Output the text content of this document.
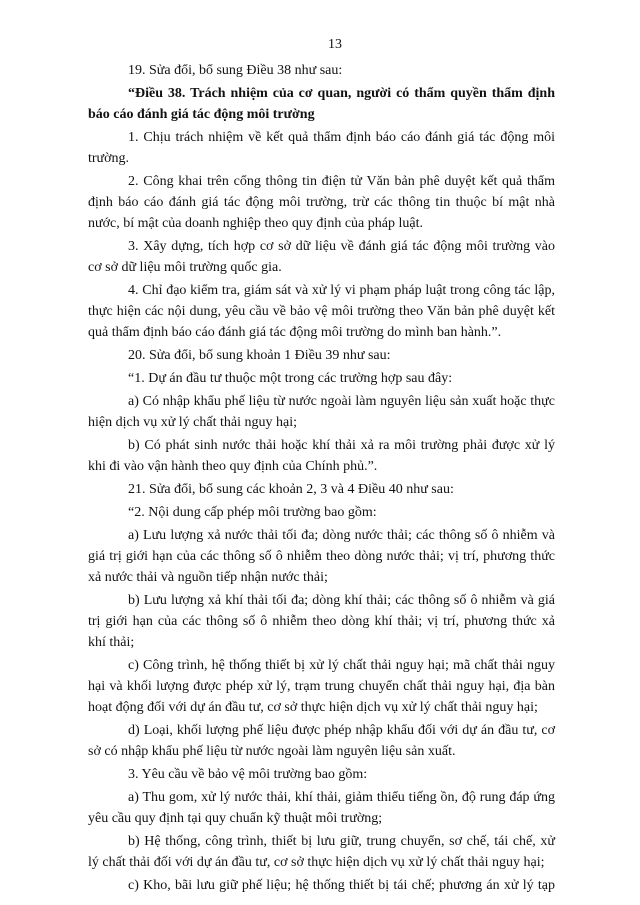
13
19. Sửa đổi, bổ sung Điều 38 như sau:
“Điều 38. Trách nhiệm của cơ quan, người có thẩm quyền thẩm định
báo cáo đánh giá tác động môi trường
1. Chịu trách nhiệm về kết quả thẩm định báo cáo đánh giá tác động môi
trường.
2. Công khai trên cổng thông tin điện tử Văn bản phê duyệt kết quả thẩm
định báo cáo đánh giá tác động môi trường, trừ các thông tin thuộc bí mật nhà
nước, bí mật của doanh nghiệp theo quy định của pháp luật.
3. Xây dựng, tích hợp cơ sở dữ liệu về đánh giá tác động môi trường vào
cơ sở dữ liệu môi trường quốc gia.
4. Chỉ đạo kiểm tra, giám sát và xử lý vi phạm pháp luật trong công tác lập,
thực hiện các nội dung, yêu cầu về bảo vệ môi trường theo Văn bản phê duyệt kết
quả thẩm định báo cáo đánh giá tác động môi trường do mình ban hành.”.
20. Sửa đổi, bổ sung khoản 1 Điều 39 như sau:
“1. Dự án đầu tư thuộc một trong các trường hợp sau đây:
a) Có nhập khẩu phế liệu từ nước ngoài làm nguyên liệu sản xuất hoặc thực
hiện dịch vụ xử lý chất thải nguy hại;
b) Có phát sinh nước thải hoặc khí thải xả ra môi trường phải được xử lý
khi đi vào vận hành theo quy định của Chính phủ.”.
21. Sửa đổi, bổ sung các khoản 2, 3 và 4 Điều 40 như sau:
“2. Nội dung cấp phép môi trường bao gồm:
a) Lưu lượng xả nước thải tối đa; dòng nước thải; các thông số ô nhiễm và
giá trị giới hạn của các thông số ô nhiễm theo dòng nước thải; vị trí, phương thức
xả nước thải và nguồn tiếp nhận nước thải;
b) Lưu lượng xả khí thải tối đa; dòng khí thải; các thông số ô nhiễm và giá
trị giới hạn của các thông số ô nhiễm theo dòng khí thải; vị trí, phương thức xả
khí thải;
c) Công trình, hệ thống thiết bị xử lý chất thải nguy hại; mã chất thải nguy
hại và khối lượng được phép xử lý, trạm trung chuyển chất thải nguy hại, địa bàn
hoạt động đối với dự án đầu tư, cơ sở thực hiện dịch vụ xử lý chất thải nguy hại;
d) Loại, khối lượng phế liệu được phép nhập khẩu đối với dự án đầu tư, cơ
sở có nhập khẩu phế liệu từ nước ngoài làm nguyên liệu sản xuất.
3. Yêu cầu về bảo vệ môi trường bao gồm:
a) Thu gom, xử lý nước thải, khí thải, giảm thiểu tiếng ồn, độ rung đáp ứng
yêu cầu quy định tại quy chuẩn kỹ thuật môi trường;
b) Hệ thống, công trình, thiết bị lưu giữ, trung chuyển, sơ chế, tái chế, xử
lý chất thải đối với dự án đầu tư, cơ sở thực hiện dịch vụ xử lý chất thải nguy hại;
c) Kho, bãi lưu giữ phế liệu; hệ thống thiết bị tái chế; phương án xử lý tạp
